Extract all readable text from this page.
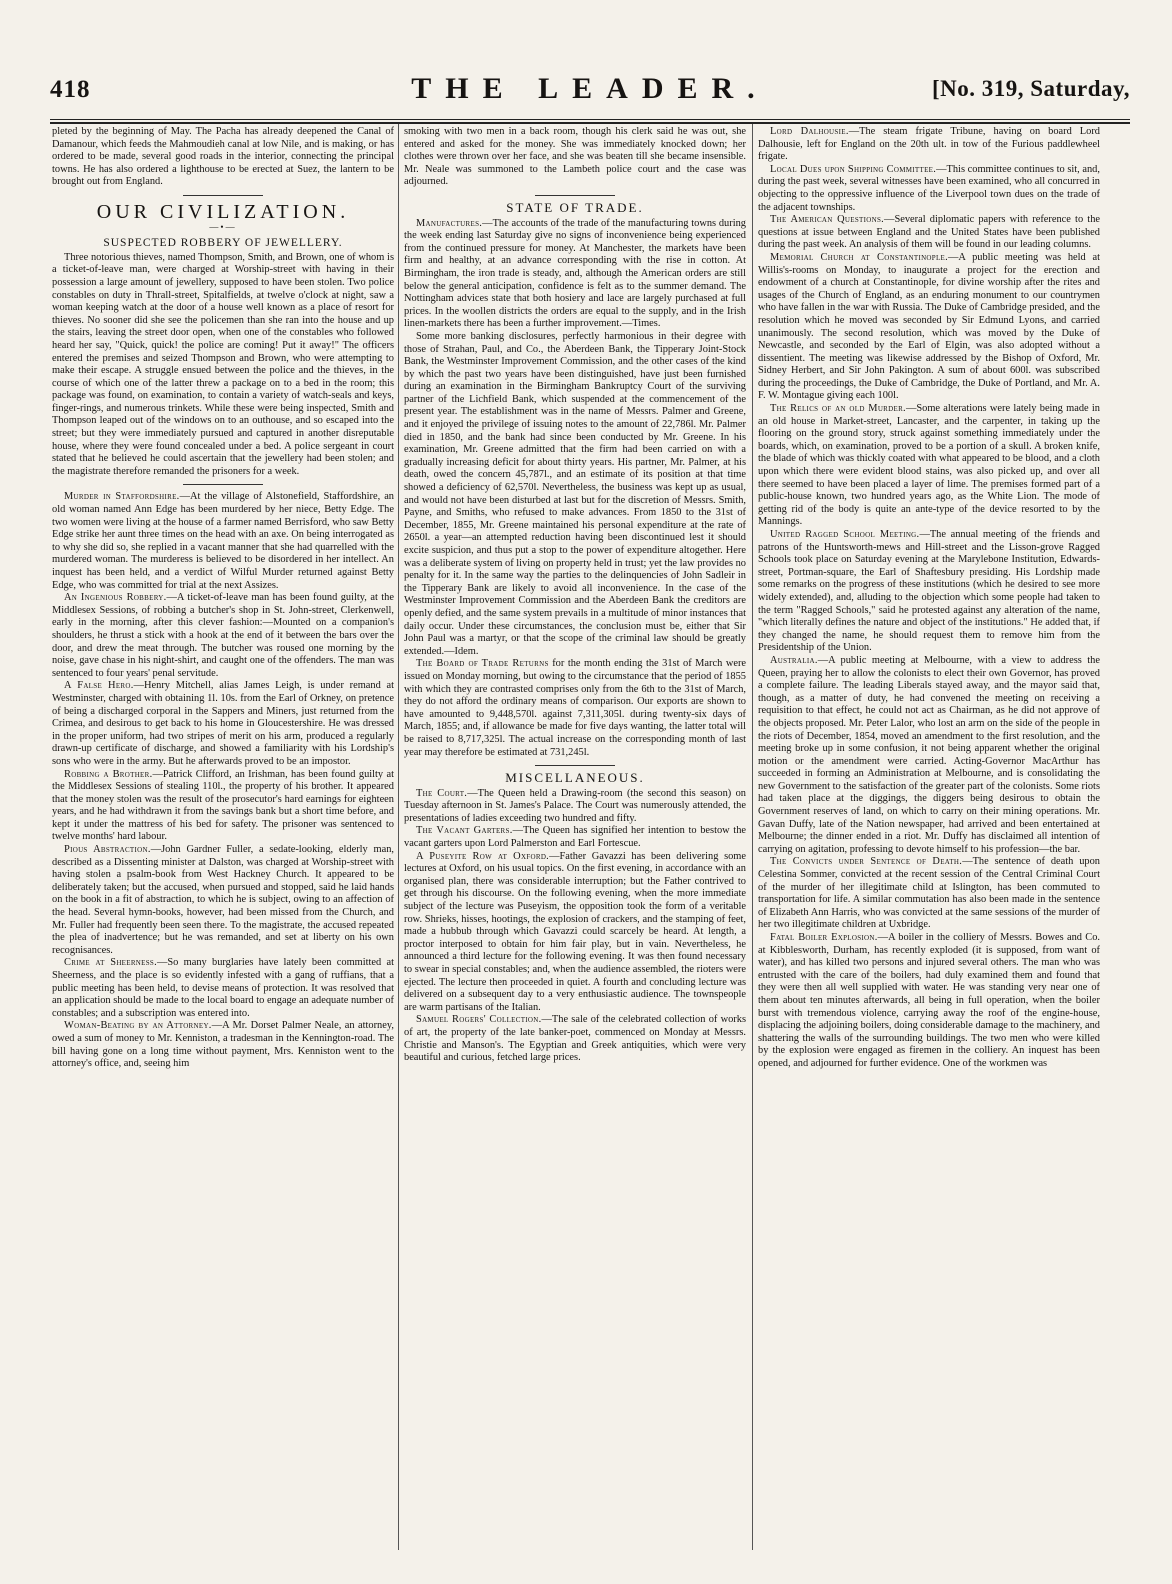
418	THE LEADER.	[No. 319, Saturday,

pleted by the beginning of May. The Pacha has already deepened the Canal of Damanour, which feeds the Mahmoudieh canal at low Nile, and is making, or has ordered to be made, several good roads in the interior, connecting the principal towns. He has also ordered a lighthouse to be erected at Suez, the lantern to be brought out from England.

OUR CIVILIZATION.
—•—
SUSPECTED ROBBERY OF JEWELLERY.

Three notorious thieves, named Thompson, Smith, and Brown, one of whom is a ticket-of-leave man, were charged at Worship-street with having in their possession a large amount of jewellery, supposed to have been stolen. Two police constables on duty in Thrall-street, Spitalfields, at twelve o'clock at night, saw a woman keeping watch at the door of a house well known as a place of resort for thieves. No sooner did she see the policemen than she ran into the house and up the stairs, leaving the street door open, when one of the constables who followed heard her say, "Quick, quick! the police are coming! Put it away!" The officers entered the premises and seized Thompson and Brown, who were attempting to make their escape. A struggle ensued between the police and the thieves, in the course of which one of the latter threw a package on to a bed in the room; this package was found, on examination, to contain a variety of watch-seals and keys, finger-rings, and numerous trinkets. While these were being inspected, Smith and Thompson leaped out of the windows on to an outhouse, and so escaped into the street; but they were immediately pursued and captured in another disreputable house, where they were found concealed under a bed. A police sergeant in court stated that he believed he could ascertain that the jewellery had been stolen; and the magistrate therefore remanded the prisoners for a week.

Murder in Staffordshire.—At the village of Alstonefield, Staffordshire, an old woman named Ann Edge has been murdered by her niece, Betty Edge. The two women were living at the house of a farmer named Berrisford, who saw Betty Edge strike her aunt three times on the head with an axe. On being interrogated as to why she did so, she replied in a vacant manner that she had quarrelled with the murdered woman. The murderess is believed to be disordered in her intellect. An inquest has been held, and a verdict of Wilful Murder returned against Betty Edge, who was committed for trial at the next Assizes.

An Ingenious Robbery.—A ticket-of-leave man has been found guilty, at the Middlesex Sessions, of robbing a butcher's shop in St. John-street, Clerkenwell, early in the morning, after this clever fashion:—Mounted on a companion's shoulders, he thrust a stick with a hook at the end of it between the bars over the door, and drew the meat through. The butcher was roused one morning by the noise, gave chase in his night-shirt, and caught one of the offenders. The man was sentenced to four years' penal servitude.

A False Hero.—Henry Mitchell, alias James Leigh, is under remand at Westminster, charged with obtaining 1l. 10s. from the Earl of Orkney, on pretence of being a discharged corporal in the Sappers and Miners, just returned from the Crimea, and desirous to get back to his home in Gloucestershire. He was dressed in the proper uniform, had two stripes of merit on his arm, produced a regularly drawn-up certificate of discharge, and showed a familiarity with his Lordship's sons who were in the army. But he afterwards proved to be an impostor.

Robbing a Brother.—Patrick Clifford, an Irishman, has been found guilty at the Middlesex Sessions of stealing 110l., the property of his brother. It appeared that the money stolen was the result of the prosecutor's hard earnings for eighteen years, and he had withdrawn it from the savings bank but a short time before, and kept it under the mattress of his bed for safety. The prisoner was sentenced to twelve months' hard labour.

Pious Abstraction.—John Gardner Fuller, a sedate-looking, elderly man, described as a Dissenting minister at Dalston, was charged at Worship-street with having stolen a psalm-book from West Hackney Church. It appeared to be deliberately taken; but the accused, when pursued and stopped, said he laid hands on the book in a fit of abstraction, to which he is subject, owing to an affection of the head. Several hymn-books, however, had been missed from the Church, and Mr. Fuller had frequently been seen there. To the magistrate, the accused repeated the plea of inadvertence; but he was remanded, and set at liberty on his own recognisances.

Crime at Sheerness.—So many burglaries have lately been committed at Sheerness, and the place is so evidently infested with a gang of ruffians, that a public meeting has been held, to devise means of protection. It was resolved that an application should be made to the local board to engage an adequate number of constables; and a subscription was entered into.

Woman-Beating by an Attorney.—A Mr. Dorset Palmer Neale, an attorney, owed a sum of money to Mr. Kenniston, a tradesman in the Kennington-road. The bill having gone on a long time without payment, Mrs. Kenniston went to the attorney's office, and, seeing him

smoking with two men in a back room, though his clerk said he was out, she entered and asked for the money. She was immediately knocked down; her clothes were thrown over her face, and she was beaten till she became insensible. Mr. Neale was summoned to the Lambeth police court and the case was adjourned.

STATE OF TRADE.

Manufactures.—The accounts of the trade of the manufacturing towns during the week ending last Saturday give no signs of inconvenience being experienced from the continued pressure for money. At Manchester, the markets have been firm and healthy, at an advance corresponding with the rise in cotton. At Birmingham, the iron trade is steady, and, although the American orders are still below the general anticipation, confidence is felt as to the summer demand. The Nottingham advices state that both hosiery and lace are largely purchased at full prices. In the woollen districts the orders are equal to the supply, and in the Irish linen-markets there has been a further improvement.—Times.

Some more banking disclosures, perfectly harmonious in their degree with those of Strahan, Paul, and Co., the Aberdeen Bank, the Tipperary Joint-Stock Bank, the Westminster Improvement Commission, and the other cases of the kind by which the past two years have been distinguished, have just been furnished during an examination in the Birmingham Bankruptcy Court of the surviving partner of the Lichfield Bank, which suspended at the commencement of the present year. The establishment was in the name of Messrs. Palmer and Greene, and it enjoyed the privilege of issuing notes to the amount of 22,786l. Mr. Palmer died in 1850, and the bank had since been conducted by Mr. Greene. In his examination, Mr. Greene admitted that the firm had been carried on with a gradually increasing deficit for about thirty years. His partner, Mr. Palmer, at his death, owed the concern 45,787l., and an estimate of its position at that time showed a deficiency of 62,570l. Nevertheless, the business was kept up as usual, and would not have been disturbed at last but for the discretion of Messrs. Smith, Payne, and Smiths, who refused to make advances. From 1850 to the 31st of December, 1855, Mr. Greene maintained his personal expenditure at the rate of 2650l. a year—an attempted reduction having been discontinued lest it should excite suspicion, and thus put a stop to the power of expenditure altogether. Here was a deliberate system of living on property held in trust; yet the law provides no penalty for it. In the same way the parties to the delinquencies of John Sadleir in the Tipperary Bank are likely to avoid all inconvenience. In the case of the Westminster Improvement Commission and the Aberdeen Bank the creditors are openly defied, and the same system prevails in a multitude of minor instances that daily occur. Under these circumstances, the conclusion must be, either that Sir John Paul was a martyr, or that the scope of the criminal law should be greatly extended.—Idem.

The Board of Trade Returns for the month ending the 31st of March were issued on Monday morning, but owing to the circumstance that the period of 1855 with which they are contrasted comprises only from the 6th to the 31st of March, they do not afford the ordinary means of comparison. Our exports are shown to have amounted to 9,448,570l. against 7,311,305l. during twenty-six days of March, 1855; and, if allowance be made for five days wanting, the latter total will be raised to 8,717,325l. The actual increase on the corresponding month of last year may therefore be estimated at 731,245l.

MISCELLANEOUS.

The Court.—The Queen held a Drawing-room (the second this season) on Tuesday afternoon in St. James's Palace. The Court was numerously attended, the presentations of ladies exceeding two hundred and fifty.

The Vacant Garters.—The Queen has signified her intention to bestow the vacant garters upon Lord Palmerston and Earl Fortescue.

A Puseyite Row at Oxford.—Father Gavazzi has been delivering some lectures at Oxford, on his usual topics. On the first evening, in accordance with an organised plan, there was considerable interruption; but the Father contrived to get through his discourse. On the following evening, when the more immediate subject of the lecture was Puseyism, the opposition took the form of a veritable row. Shrieks, hisses, hootings, the explosion of crackers, and the stamping of feet, made a hubbub through which Gavazzi could scarcely be heard. At length, a proctor interposed to obtain for him fair play, but in vain. Nevertheless, he announced a third lecture for the following evening. It was then found necessary to swear in special constables; and, when the audience assembled, the rioters were ejected. The lecture then proceeded in quiet. A fourth and concluding lecture was delivered on a subsequent day to a very enthusiastic audience. The townspeople are warm partisans of the Italian.

Samuel Rogers' Collection.—The sale of the celebrated collection of works of art, the property of the late banker-poet, commenced on Monday at Messrs. Christie and Manson's. The Egyptian and Greek antiquities, which were very beautiful and curious, fetched large prices.

Lord Dalhousie.—The steam frigate Tribune, having on board Lord Dalhousie, left for England on the 20th ult. in tow of the Furious paddlewheel frigate.

Local Dues upon Shipping Committee.—This committee continues to sit, and, during the past week, several witnesses have been examined, who all concurred in objecting to the oppressive influence of the Liverpool town dues on the trade of the adjacent townships.

The American Questions.—Several diplomatic papers with reference to the questions at issue between England and the United States have been published during the past week. An analysis of them will be found in our leading columns.

Memorial Church at Constantinople.—A public meeting was held at Willis's-rooms on Monday, to inaugurate a project for the erection and endowment of a church at Constantinople, for divine worship after the rites and usages of the Church of England, as an enduring monument to our countrymen who have fallen in the war with Russia. The Duke of Cambridge presided, and the resolution which he moved was seconded by Sir Edmund Lyons, and carried unanimously. The second resolution, which was moved by the Duke of Newcastle, and seconded by the Earl of Elgin, was also adopted without a dissentient. The meeting was likewise addressed by the Bishop of Oxford, Mr. Sidney Herbert, and Sir John Pakington. A sum of about 600l. was subscribed during the proceedings, the Duke of Cambridge, the Duke of Portland, and Mr. A. F. W. Montague giving each 100l.

The Relics of an old Murder.—Some alterations were lately being made in an old house in Market-street, Lancaster, and the carpenter, in taking up the flooring on the ground story, struck against something immediately under the boards, which, on examination, proved to be a portion of a skull. A broken knife, the blade of which was thickly coated with what appeared to be blood, and a cloth upon which there were evident blood stains, was also picked up, and over all there seemed to have been placed a layer of lime. The premises formed part of a public-house known, two hundred years ago, as the White Lion. The mode of getting rid of the body is quite an ante-type of the device resorted to by the Mannings.

United Ragged School Meeting.—The annual meeting of the friends and patrons of the Huntsworth-mews and Hill-street and the Lisson-grove Ragged Schools took place on Saturday evening at the Marylebone Institution, Edwards-street, Portman-square, the Earl of Shaftesbury presiding. His Lordship made some remarks on the progress of these institutions (which he desired to see more widely extended), and, alluding to the objection which some people had taken to the term "Ragged Schools," said he protested against any alteration of the name, "which literally defines the nature and object of the institutions." He added that, if they changed the name, he should request them to remove him from the Presidentship of the Union.

Australia.—A public meeting at Melbourne, with a view to address the Queen, praying her to allow the colonists to elect their own Governor, has proved a complete failure. The leading Liberals stayed away, and the mayor said that, though, as a matter of duty, he had convened the meeting on receiving a requisition to that effect, he could not act as Chairman, as he did not approve of the objects proposed. Mr. Peter Lalor, who lost an arm on the side of the people in the riots of December, 1854, moved an amendment to the first resolution, and the meeting broke up in some confusion, it not being apparent whether the original motion or the amendment were carried. Acting-Governor MacArthur has succeeded in forming an Administration at Melbourne, and is consolidating the new Government to the satisfaction of the greater part of the colonists. Some riots had taken place at the diggings, the diggers being desirous to obtain the Government reserves of land, on which to carry on their mining operations. Mr. Gavan Duffy, late of the Nation newspaper, had arrived and been entertained at Melbourne; the dinner ended in a riot. Mr. Duffy has disclaimed all intention of carrying on agitation, professing to devote himself to his profession—the bar.

The Convicts under Sentence of Death.—The sentence of death upon Celestina Sommer, convicted at the recent session of the Central Criminal Court of the murder of her illegitimate child at Islington, has been commuted to transportation for life. A similar commutation has also been made in the sentence of Elizabeth Ann Harris, who was convicted at the same sessions of the murder of her two illegitimate children at Uxbridge.

Fatal Boiler Explosion.—A boiler in the colliery of Messrs. Bowes and Co. at Kibblesworth, Durham, has recently exploded (it is supposed, from want of water), and has killed two persons and injured several others. The man who was entrusted with the care of the boilers, had duly examined them and found that they were then all well supplied with water. He was standing very near one of them about ten minutes afterwards, all being in full operation, when the boiler burst with tremendous violence, carrying away the roof of the engine-house, displacing the adjoining boilers, doing considerable damage to the machinery, and shattering the walls of the surrounding buildings. The two men who were killed by the explosion were engaged as firemen in the colliery. An inquest has been opened, and adjourned for further evidence. One of the workmen was
